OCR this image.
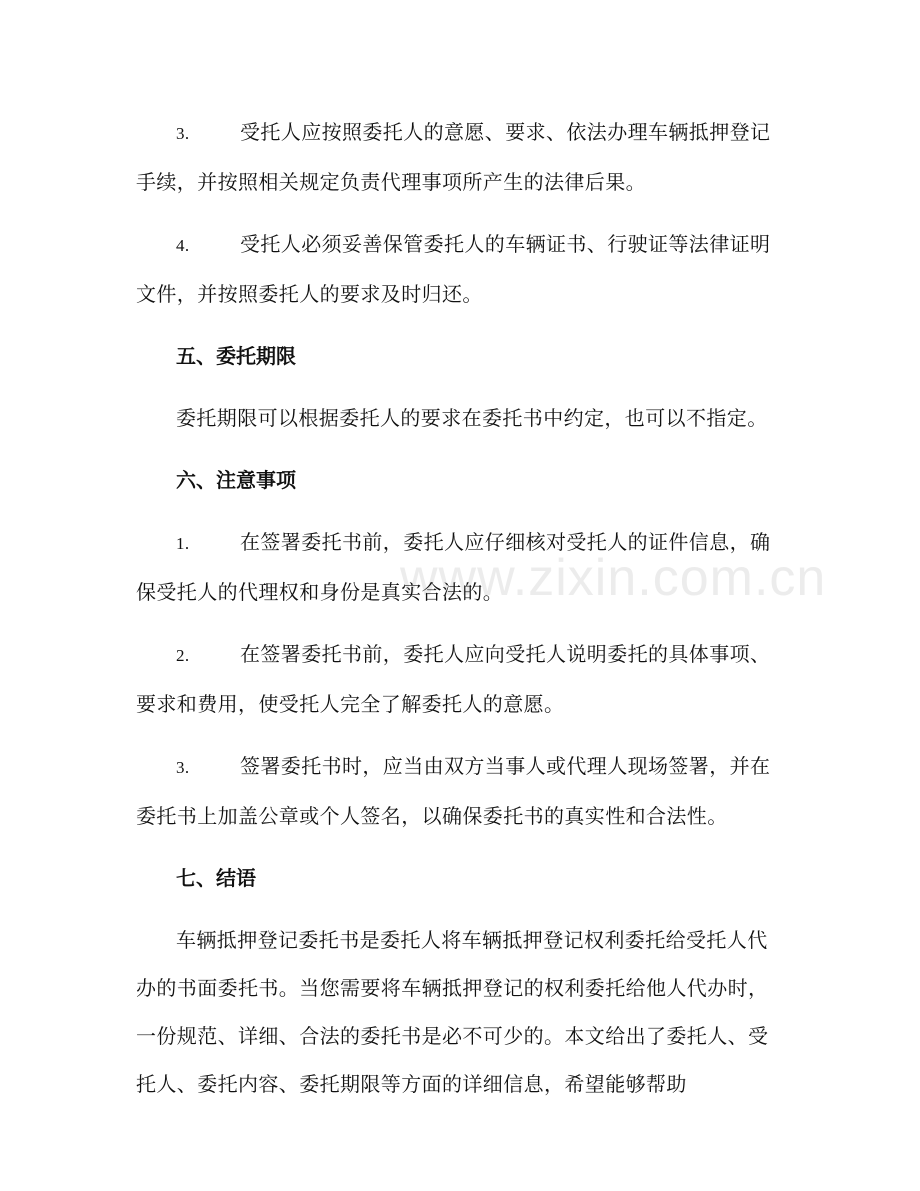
www.zixin.com.cn

3.	受托人应按照委托人的意愿、要求、依法办理车辆抵押登记手续，并按照相关规定负责代理事项所产生的法律后果。

4.	受托人必须妥善保管委托人的车辆证书、行驶证等法律证明文件，并按照委托人的要求及时归还。

五、委托期限

委托期限可以根据委托人的要求在委托书中约定，也可以不指定。

六、注意事项

1.	在签署委托书前，委托人应仔细核对受托人的证件信息，确保受托人的代理权和身份是真实合法的。

2.	在签署委托书前，委托人应向受托人说明委托的具体事项、要求和费用，使受托人完全了解委托人的意愿。

3.	签署委托书时，应当由双方当事人或代理人现场签署，并在委托书上加盖公章或个人签名，以确保委托书的真实性和合法性。

七、结语

车辆抵押登记委托书是委托人将车辆抵押登记权利委托给受托人代办的书面委托书。当您需要将车辆抵押登记的权利委托给他人代办时，一份规范、详细、合法的委托书是必不可少的。本文给出了委托人、受托人、委托内容、委托期限等方面的详细信息，希望能够帮助
